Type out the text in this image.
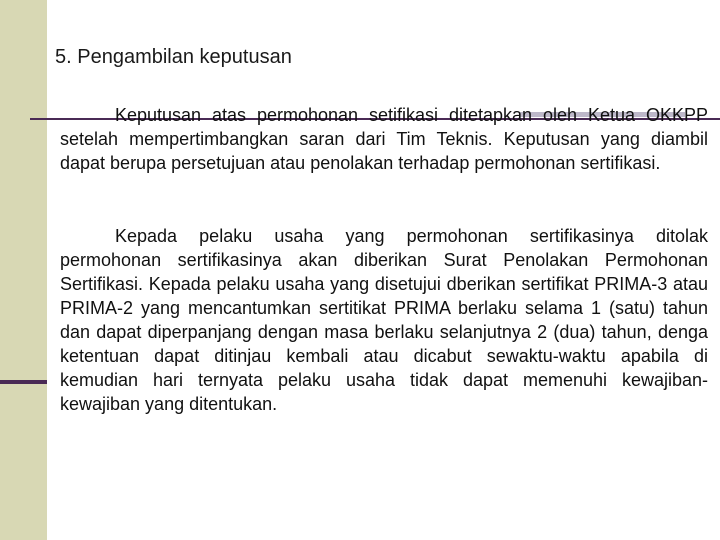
5. Pengambilan keputusan

Keputusan atas permohonan setifikasi ditetapkan oleh Ketua OKKPP setelah mempertimbangkan saran dari Tim Teknis. Keputusan yang diambil dapat berupa persetujuan atau penolakan terhadap permohonan sertifikasi.

Kepada pelaku usaha yang permohonan sertifikasinya ditolak permohonan sertifikasinya akan diberikan Surat Penolakan Permohonan Sertifikasi. Kepada pelaku usaha yang disetujui dberikan sertifikat PRIMA-3 atau PRIMA-2 yang mencantumkan sertitikat PRIMA berlaku selama 1 (satu) tahun dan dapat diperpanjang dengan masa berlaku selanjutnya 2 (dua) tahun, denga ketentuan dapat ditinjau kembali atau dicabut sewaktu-waktu apabila di kemudian hari ternyata pelaku usaha tidak dapat memenuhi kewajiban-kewajiban yang ditentukan.
